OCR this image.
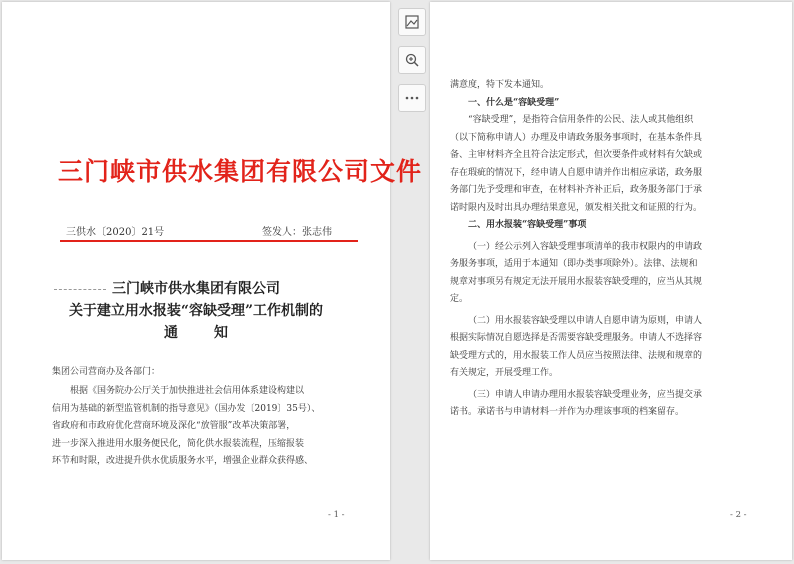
三门峡市供水集团有限公司文件
三供水〔2020〕21号	签发人：张志伟
三门峡市供水集团有限公司
关于建立用水报装“容缺受理”工作机制的
通知
集团公司营商办及各部门：
根据《国务院办公厅关于加快推进社会信用体系建设构建以
信用为基础的新型监管机制的指导意见》（国办发〔2019〕35号）、
省政府和市政府优化营商环境及深化“放管服”改革决策部署，
进一步深入推进用水服务便民化，简化供水报装流程，压缩报装
环节和时限，改进提升供水优质服务水平，增强企业群众获得感、
- 1 -
满意度，特下发本通知。
一、什么是“容缺受理”
“容缺受理”，是指符合信用条件的公民、法人或其他组织
（以下简称申请人）办理及申请政务服务事项时，在基本条件具
备、主审材料齐全且符合法定形式，但次要条件或材料有欠缺或
存在瑕疵的情况下，经申请人自愿申请并作出相应承诺，政务服
务部门先予受理和审查，在材料补齐补正后，政务服务部门于承
诺时限内及时出具办理结果意见，颁发相关批文和证照的行为。
二、用水报装“容缺受理”事项
（一）经公示列入容缺受理事项清单的我市权限内的申请政
务服务事项，适用于本通知（即办类事项除外）。法律、法规和
规章对事项另有规定无法开展用水报装容缺受理的，应当从其规
定。
（二）用水报装容缺受理以申请人自愿申请为原则，申请人
根据实际情况自愿选择是否需要容缺受理服务。申请人不选择容
缺受理方式的，用水报装工作人员应当按照法律、法规和规章的
有关规定，开展受理工作。
（三）申请人申请办理用水报装容缺受理业务，应当提交承
诺书。承诺书与申请材料一并作为办理该事项的档案留存。
- 2 -
